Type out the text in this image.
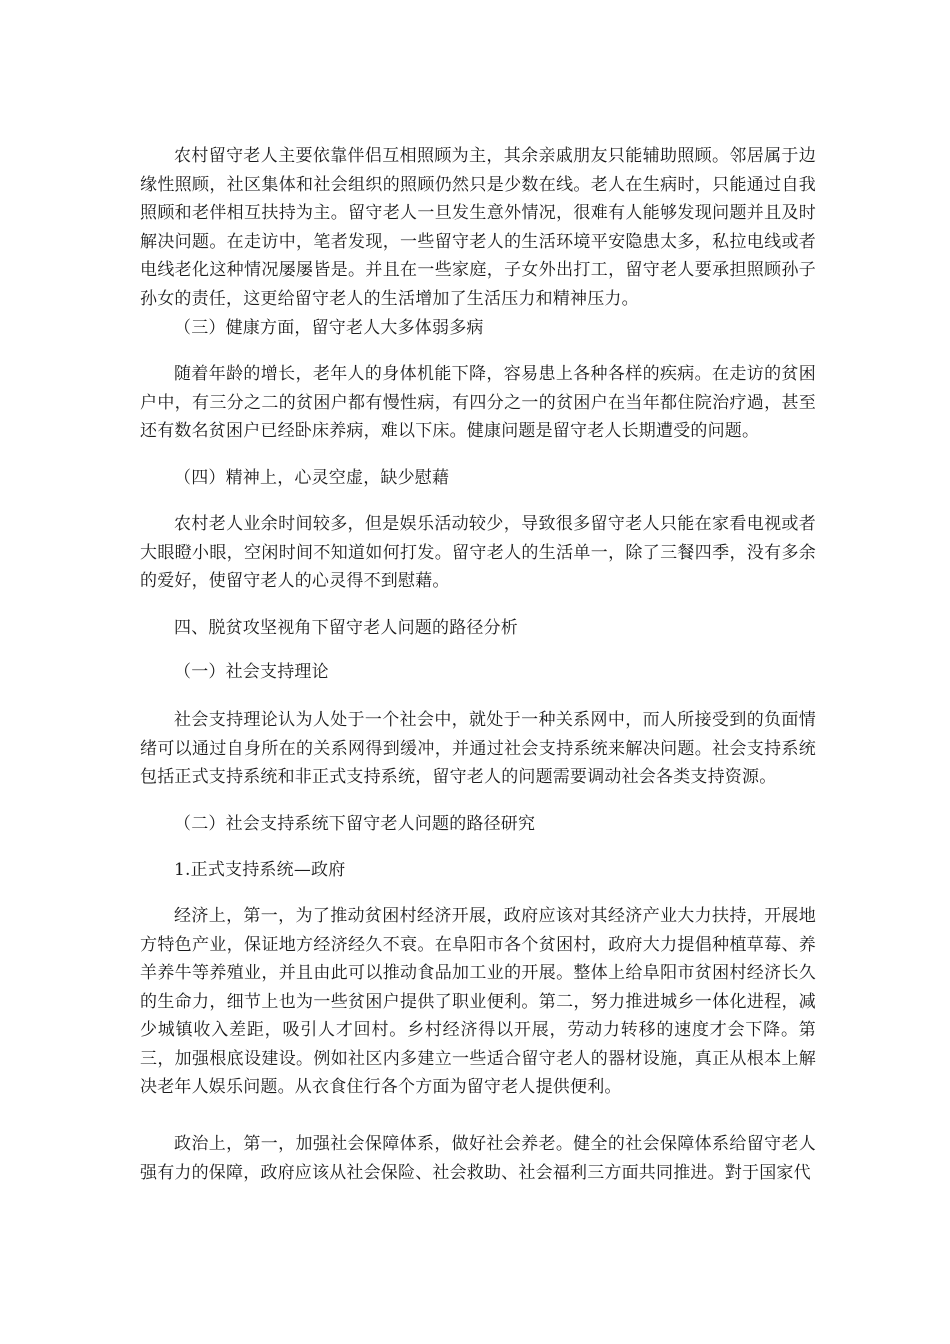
农村留守老人主要依靠伴侣互相照顾为主，其余亲戚朋友只能辅助照顾。邻居属于边缘性照顾，社区集体和社会组织的照顾仍然只是少数在线。老人在生病时，只能通过自我照顾和老伴相互扶持为主。留守老人一旦发生意外情况，很难有人能够发现问题并且及时解决问题。在走访中，笔者发现，一些留守老人的生活环境平安隐患太多，私拉电线或者电线老化这种情况屡屡皆是。并且在一些家庭，子女外出打工，留守老人要承担照顾孙子孙女的责任，这更给留守老人的生活增加了生活压力和精神压力。

（三）健康方面，留守老人大多体弱多病

随着年龄的增长，老年人的身体机能下降，容易患上各种各样的疾病。在走访的贫困户中，有三分之二的贫困户都有慢性病，有四分之一的贫困户在当年都住院治疗過，甚至还有数名贫困户已经卧床养病，难以下床。健康问题是留守老人长期遭受的问题。

（四）精神上，心灵空虚，缺少慰藉

农村老人业余时间较多，但是娱乐活动较少，导致很多留守老人只能在家看电视或者大眼瞪小眼，空闲时间不知道如何打发。留守老人的生活单一，除了三餐四季，没有多余的爱好，使留守老人的心灵得不到慰藉。

四、脱贫攻坚视角下留守老人问题的路径分析

（一）社会支持理论

社会支持理论认为人处于一个社会中，就处于一种关系网中，而人所接受到的负面情绪可以通过自身所在的关系网得到缓冲，并通过社会支持系统来解决问题。社会支持系统包括正式支持系统和非正式支持系统，留守老人的问题需要调动社会各类支持资源。

（二）社会支持系统下留守老人问题的路径研究

1.正式支持系统—政府

经济上，第一，为了推动贫困村经济开展，政府应该对其经济产业大力扶持，开展地方特色产业，保证地方经济经久不衰。在阜阳市各个贫困村，政府大力提倡种植草莓、养羊养牛等养殖业，并且由此可以推动食品加工业的开展。整体上给阜阳市贫困村经济长久的生命力，细节上也为一些贫困户提供了职业便利。第二，努力推进城乡一体化进程，减少城镇收入差距，吸引人才回村。乡村经济得以开展，劳动力转移的速度才会下降。第三，加强根底设建设。例如社区内多建立一些适合留守老人的器材设施，真正从根本上解决老年人娱乐问题。从衣食住行各个方面为留守老人提供便利。

政治上，第一，加强社会保障体系，做好社会养老。健全的社会保障体系给留守老人强有力的保障，政府应该从社会保险、社会救助、社会福利三方面共同推进。對于国家代
